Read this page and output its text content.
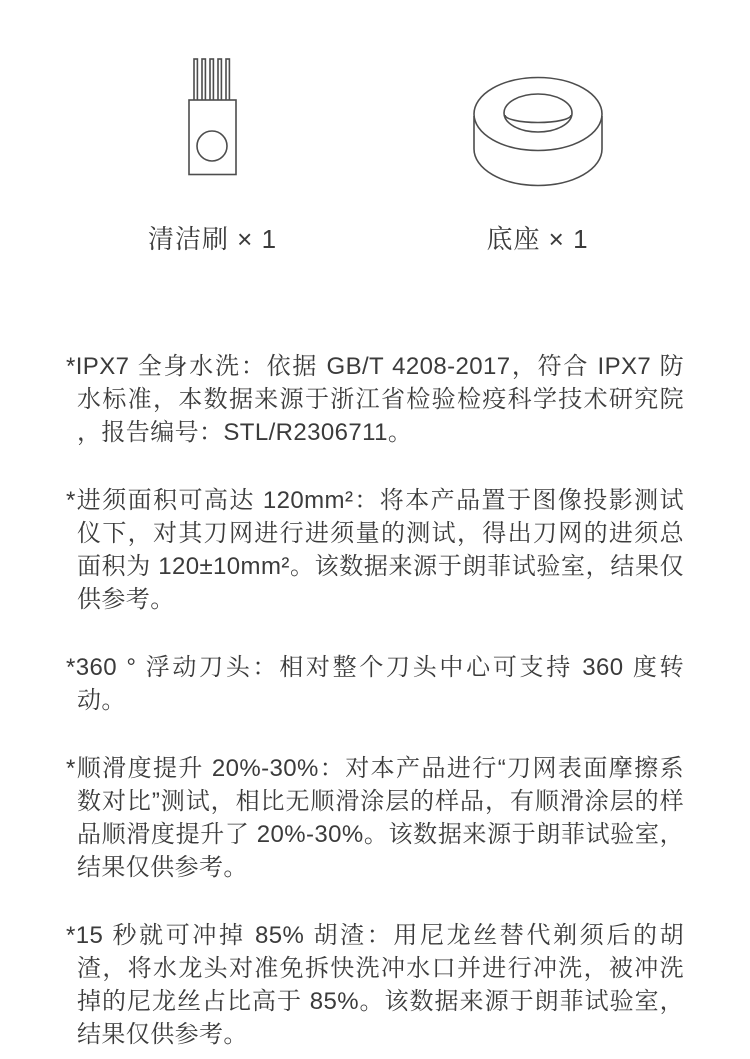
清洁刷 × 1	底座 × 1

*IPX7 全身水洗：依据 GB/T 4208-2017，符合 IPX7 防水标准，本数据来源于浙江省检验检疫科学技术研究院 ，报告编号：STL/R2306711。

*进须面积可高达 120mm²：将本产品置于图像投影测试仪下，对其刀网进行进须量的测试，得出刀网的进须总面积为 120±10mm²。该数据来源于朗菲试验室，结果仅供参考。

*360 ° 浮动刀头：相对整个刀头中心可支持 360 度转动。

*顺滑度提升 20%-30%：对本产品进行“刀网表面摩擦系数对比”测试，相比无顺滑涂层的样品，有顺滑涂层的样品顺滑度提升了 20%-30%。该数据来源于朗菲试验室，结果仅供参考。

*15 秒就可冲掉 85% 胡渣：用尼龙丝替代剃须后的胡渣，将水龙头对准免拆快洗冲水口并进行冲洗，被冲洗掉的尼龙丝占比高于 85%。该数据来源于朗菲试验室，结果仅供参考。
